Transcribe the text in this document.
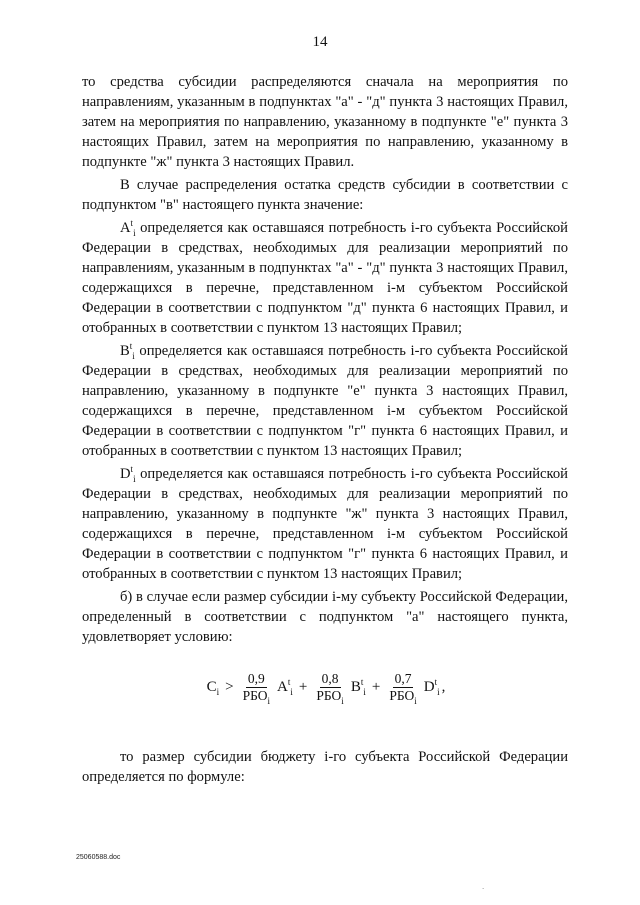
14

то средства субсидии распределяются сначала на мероприятия по направлениям, указанным в подпунктах "а" - "д" пункта 3 настоящих Правил, затем на мероприятия по направлению, указанному в подпункте "е" пункта 3 настоящих Правил, затем на мероприятия по направлению, указанному в подпункте "ж" пункта 3 настоящих Правил.

В случае распределения остатка средств субсидии в соответствии с подпунктом "в" настоящего пункта значение:

$A^t_i$ определяется как оставшаяся потребность i-го субъекта Российской Федерации в средствах, необходимых для реализации мероприятий по направлениям, указанным в подпунктах "а" - "д" пункта 3 настоящих Правил, содержащихся в перечне, представленном i-м субъектом Российской Федерации в соответствии с подпунктом "д" пункта 6 настоящих Правил, и отобранных в соответствии с пунктом 13 настоящих Правил;

$B^t_i$ определяется как оставшаяся потребность i-го субъекта Российской Федерации в средствах, необходимых для реализации мероприятий по направлению, указанному в подпункте "е" пункта 3 настоящих Правил, содержащихся в перечне, представленном i-м субъектом Российской Федерации в соответствии с подпунктом "г" пункта 6 настоящих Правил, и отобранных в соответствии с пунктом 13 настоящих Правил;

$D^t_i$ определяется как оставшаяся потребность i-го субъекта Российской Федерации в средствах, необходимых для реализации мероприятий по направлению, указанному в подпункте "ж" пункта 3 настоящих Правил, содержащихся в перечне, представленном i-м субъектом Российской Федерации в соответствии с подпунктом "г" пункта 6 настоящих Правил, и отобранных в соответствии с пунктом 13 настоящих Правил;

б) в случае если размер субсидии i-му субъекту Российской Федерации, определенный в соответствии с подпунктом "а" настоящего пункта, удовлетворяет условию:

$C_i > \frac{0,9}{РБО_i} A^t_i + \frac{0,8}{РБО_i} B^t_i + \frac{0,7}{РБО_i} D^t_i$ ,

то размер субсидии бюджету i-го субъекта Российской Федерации определяется по формуле:

25060588.doc
.
